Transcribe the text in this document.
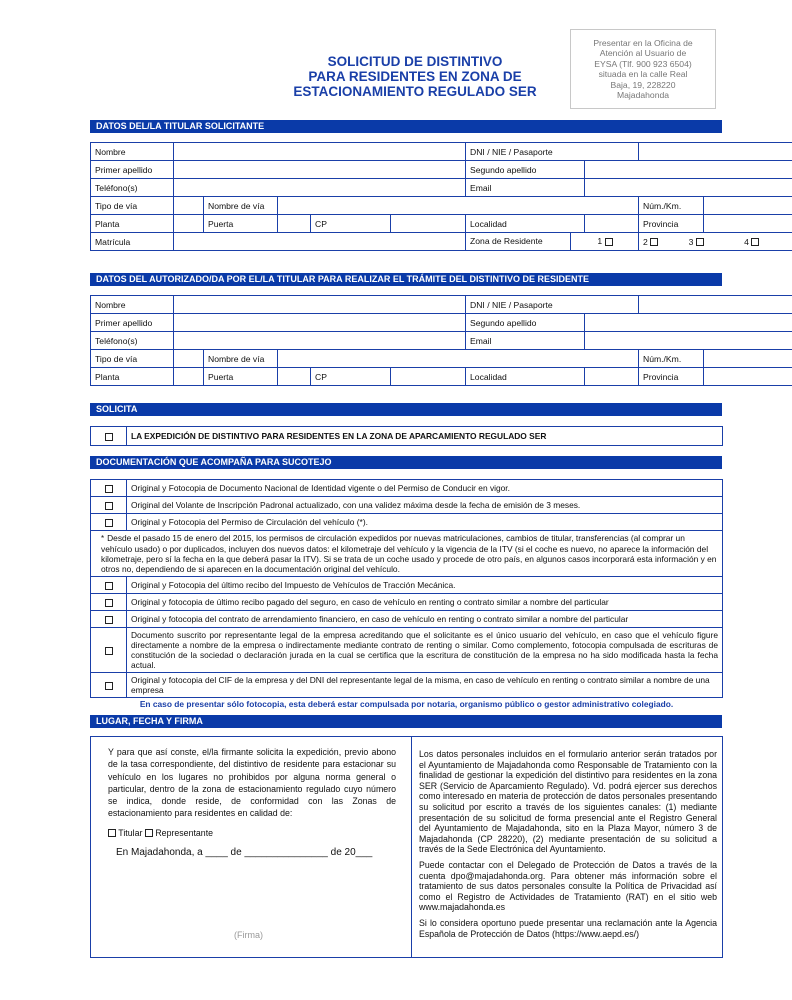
SOLICITUD DE DISTINTIVO
PARA RESIDENTES EN ZONA DE
ESTACIONAMIENTO REGULADO SER
Presentar en la Oficina de
Atención al Usuario de
EYSA (Tlf. 900 923 6504)
situada en la calle Real
Baja, 19, 228220
Majadahonda
DATOS DEL/LA TITULAR SOLICITANTE
Nombre						DNI / NIE / Pasaporte			
Primer apellido						Segundo apellido			
Teléfono(s)						Email			
Tipo de vía		Nombre de vía						Núm./Km.	
Planta		Puerta		CP		Localidad		Provincia	
Matrícula						Zona de Residente 1		2 3 4	
DATOS DEL AUTORIZADO/DA POR EL/LA TITULAR PARA REALIZAR EL TRÁMITE DEL DISTINTIVO DE RESIDENTE
Nombre						DNI / NIE / Pasaporte			
Primer apellido						Segundo apellido			
Teléfono(s)						Email			
Tipo de vía		Nombre de vía						Núm./Km.	
Planta		Puerta		CP		Localidad		Provincia	
SOLICITA
	LA EXPEDICIÓN DE DISTINTIVO PARA RESIDENTES EN LA ZONA DE APARCAMIENTO REGULADO SER
DOCUMENTACIÓN QUE ACOMPAÑA PARA SUCOTEJO
	Original y Fotocopia de Documento Nacional de Identidad vigente o del Permiso de Conducir en vigor.
	Original del Volante de Inscripción Padronal actualizado, con una validez máxima desde la fecha de emisión de 3 meses.
	Original y Fotocopia del Permiso de Circulación del vehículo (*).
* Desde el pasado 15 de enero del 2015, los permisos de circulación expedidos por nuevas matriculaciones, cambios de titular, transferencias (al comprar un vehículo usado) o por duplicados, incluyen dos nuevos datos: el kilometraje del vehículo y la vigencia de la ITV (si el coche es nuevo, no aparece la información del kilometraje, pero sí la fecha en la que deberá pasar la ITV). Si se trata de un coche usado y procede de otro país, en algunos casos incorporará esta información y en otros no, dependiendo de si aparecen en la documentación original del vehículo.	
	Original y Fotocopia del último recibo del Impuesto de Vehículos de Tracción Mecánica.
	Original y fotocopia de último recibo pagado del seguro, en caso de vehículo en renting o contrato similar a nombre del particular
	Original y fotocopia del contrato de arrendamiento financiero, en caso de vehículo en renting o contrato similar a nombre del particular
	Documento suscrito por representante legal de la empresa acreditando que el solicitante es el único usuario del vehículo, en caso que el vehículo figure directamente a nombre de la empresa o indirectamente mediante contrato de renting o similar. Como complemento, fotocopia compulsada de escrituras de constitución de la sociedad o declaración jurada en la cual se certifica que la escritura de constitución de la empresa no ha sido modificada hasta la fecha actual.
	Original y fotocopia del CIF de la empresa y del DNI del representante legal de la misma, en caso de vehículo en renting o contrato similar a nombre de una empresa
En caso de presentar sólo fotocopia, esta deberá estar compulsada por notaria, organismo público o gestor administrativo colegiado.
LUGAR, FECHA Y FIRMA
Y para que así conste, el/la firmante solicita la expedición, previo abono de la tasa correspondiente, del distintivo de residente para estacionar su vehículo en los lugares no prohibidos por alguna norma general o particular, dentro de la zona de estacionamiento regulado cuyo número se indica, donde reside, de conformidad con las Zonas de estacionamiento para residentes en calidad de:
Titular Representante
En Majadahonda, a ____ de _______________ de 20___
(Firma)

Los datos personales incluidos en el formulario anterior serán tratados por el Ayuntamiento de Majadahonda como Responsable de Tratamiento con la finalidad de gestionar la expedición del distintivo para residentes en la zona SER (Servicio de Aparcamiento Regulado). Vd. podrá ejercer sus derechos como interesado en materia de protección de datos personales presentando su solicitud por escrito a través de los siguientes canales: (1) mediante presentación de su solicitud de forma presencial ante el Registro General del Ayuntamiento de Majadahonda, sito en la Plaza Mayor, número 3 de Majadahonda (CP 28220), (2) mediante presentación de su solicitud a través de la Sede Electrónica del Ayuntamiento.

Puede contactar con el Delegado de Protección de Datos a través de la cuenta dpo@majadahonda.org. Para obtener más información sobre el tratamiento de sus datos personales consulte la Política de Privacidad así como el Registro de Actividades de Tratamiento (RAT) en el sitio web www.majadahonda.es

Si lo considera oportuno puede presentar una reclamación ante la Agencia Española de Protección de Datos (https://www.aepd.es/)
